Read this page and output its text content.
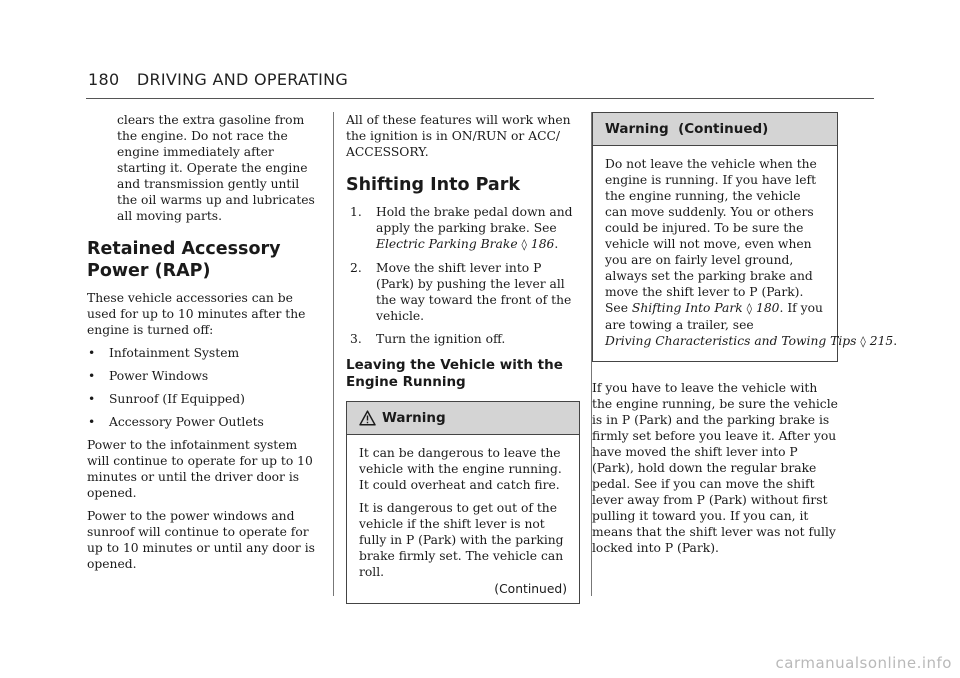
180 DRIVING AND OPERATING

clears the extra gasoline from the engine. Do not race the engine immediately after starting it. Operate the engine and transmission gently until the oil warms up and lubricates all moving parts.

Retained Accessory Power (RAP)

These vehicle accessories can be used for up to 10 minutes after the engine is turned off:

• Infotainment System
• Power Windows
• Sunroof (If Equipped)
• Accessory Power Outlets

Power to the infotainment system will continue to operate for up to 10 minutes or until the driver door is opened.

Power to the power windows and sunroof will continue to operate for up to 10 minutes or until any door is opened.

All of these features will work when the ignition is in ON/RUN or ACC/ ACCESSORY.

Shifting Into Park
1. Hold the brake pedal down and apply the parking brake. See Electric Parking Brake ◊ 186.
2. Move the shift lever into P (Park) by pushing the lever all the way toward the front of the vehicle.
3. Turn the ignition off.
Leaving the Vehicle with the Engine Running
Warning

It can be dangerous to leave the vehicle with the engine running. It could overheat and catch fire.

It is dangerous to get out of the vehicle if the shift lever is not fully in P (Park) with the parking brake firmly set. The vehicle can roll.

(Continued)
Warning  (Continued)

Do not leave the vehicle when the engine is running. If you have left the engine running, the vehicle can move suddenly. You or others could be injured. To be sure the vehicle will not move, even when you are on fairly level ground, always set the parking brake and move the shift lever to P (Park). See Shifting Into Park ◊ 180. If you are towing a trailer, see Driving Characteristics and Towing Tips ◊ 215.

If you have to leave the vehicle with the engine running, be sure the vehicle is in P (Park) and the parking brake is firmly set before you leave it. After you have moved the shift lever into P (Park), hold down the regular brake pedal. See if you can move the shift lever away from P (Park) without first pulling it toward you. If you can, it means that the shift lever was not fully locked into P (Park).

carmanualsonline.info
